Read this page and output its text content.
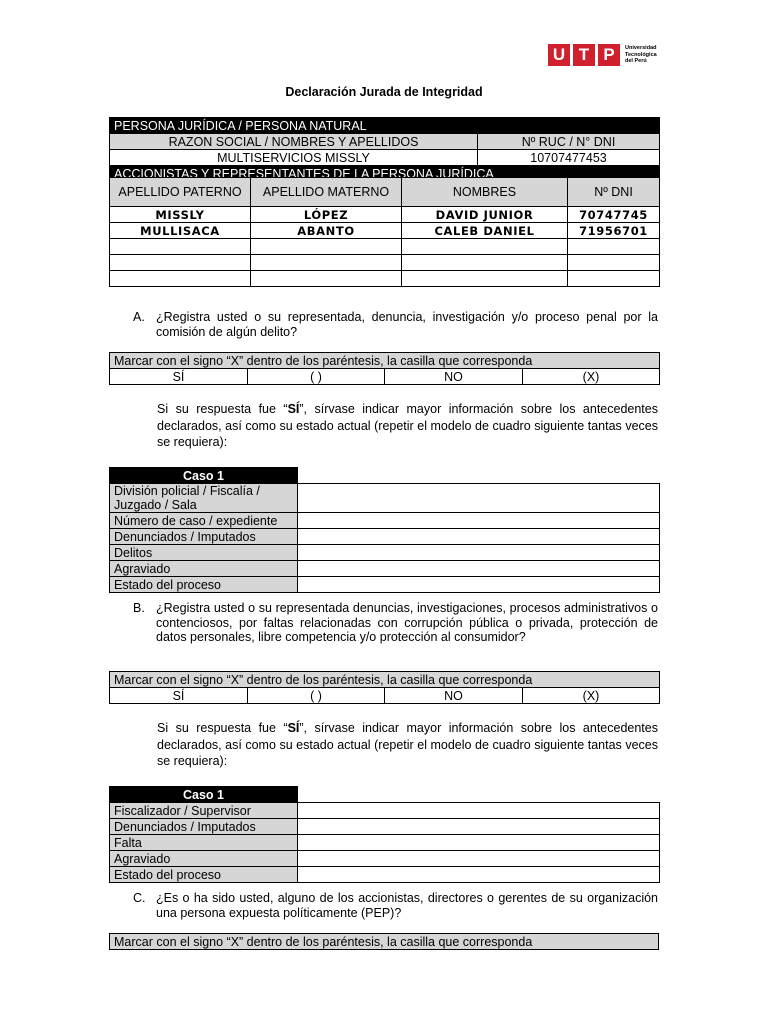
U T P	Universidad
Tecnológica
del Perú
Declaración Jurada de Integridad
PERSONA JURÍDICA / PERSONA NATURAL	
RAZON SOCIAL / NOMBRES Y APELLIDOS	Nº RUC / N° DNI
MULTISERVICIOS MISSLY	10707477453
ACCIONISTAS Y REPRESENTANTES DE LA PERSONA JURÍDICA	
APELLIDO PATERNO	APELLIDO MATERNO	NOMBRES	Nº DNI
MISSLY	LÓPEZ	DAVID JUNIOR	70747745
MULLISACA	ABANTO	CALEB DANIEL	71956701

A. ¿Registra usted o su representada, denuncia, investigación y/o proceso penal por la comisión de algún delito?
Marcar con el signo “X” dentro de los paréntesis, la casilla que corresponda
SÍ	( )	NO	(X)
Si su respuesta fue “SÍ”, sírvase indicar mayor información sobre los antecedentes declarados, así como su estado actual (repetir el modelo de cuadro siguiente tantas veces se requiera):
Caso 1	
División policial / Fiscalía / Juzgado / Sala	
Número de caso / expediente	
Denunciados / Imputados	
Delitos	
Agraviado	
Estado del proceso	
B. ¿Registra usted o su representada denuncias, investigaciones, procesos administrativos o contenciosos, por faltas relacionadas con corrupción pública o privada, protección de datos personales, libre competencia y/o protección al consumidor?
Marcar con el signo “X” dentro de los paréntesis, la casilla que corresponda
SÍ	( )	NO	(X)
Si su respuesta fue “SÍ”, sírvase indicar mayor información sobre los antecedentes declarados, así como su estado actual (repetir el modelo de cuadro siguiente tantas veces se requiera):
Caso 1	
Fiscalizador / Supervisor	
Denunciados / Imputados	
Falta	
Agraviado	
Estado del proceso	
C. ¿Es o ha sido usted, alguno de los accionistas, directores o gerentes de su organización una persona expuesta políticamente (PEP)?
Marcar con el signo “X” dentro de los paréntesis, la casilla que corresponda
